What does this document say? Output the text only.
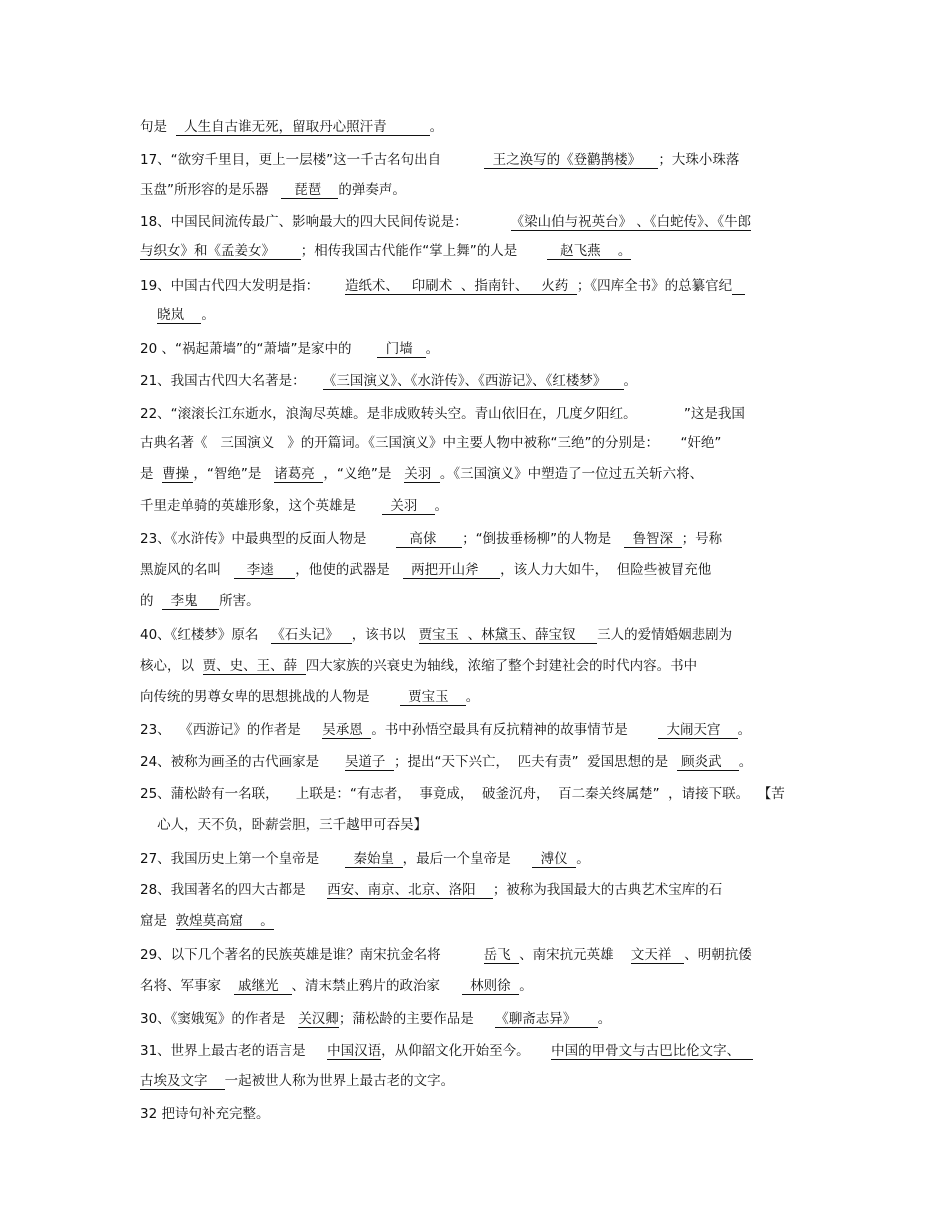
句是    人生自古谁无死，留取丹心照汗青          。
17、“欲穷千里目，更上一层楼”这一千古名句出自            王之涣写的《登鹳鹊楼》    ；大珠小珠落
玉盘”所形容的是乐器      琵琶    的弹奏声。
18、中国民间流传最广、影响最大的四大民间传说是：          《梁山伯与祝英台》 、《白蛇传》、《牛郎
与织女》和《孟姜女》      ；相传我国古代能作“掌上舞”的人是          赵飞燕    。
19、中国古代四大发明是指：      造纸术、   印刷术  、指南针、   火药  ；《四库全书》的总纂官纪
晓岚    。
20 、“祸起萧墙”的“萧墙”是家中的        门墙   。
21、我国古代四大名著是：    《三国演义》、《水浒传》、《西游记》、《红楼梦》    。
22、“滚滚长江东逝水，浪淘尽英雄。是非成败转头空。青山依旧在，几度夕阳红。           ”这是我国
古典名著《   三国演义   》的开篇词。《三国演义》中主要人物中被称“三绝”的分别是：     “奸绝”
是  曹操 ，“智绝”是   诸葛亮  ，“义绝”是   关羽  。《三国演义》中塑造了一位过五关斩六将、
千里走单骑的英雄形象，这个英雄是        关羽    。
23、《水浒传》中最典型的反面人物是          高俅      ；“倒拔垂杨柳”的人物是     鲁智深  ；号称
黑旋风的名叫      李逵     ，他使的武器是     两把开山斧     ，该人力大如牛，  但险些被冒充他
的    李鬼     所害。
40、《红楼梦》原名   《石头记》   ，该书以   贾宝玉  、林黛玉、薛宝钗     三人的爱情婚姻悲剧为
核心，以  贾、史、王、薛  四大家族的兴衰史为轴线，浓缩了整个封建社会的时代内容。书中
向传统的男尊女卑的思想挑战的人物是         贾宝玉    。
23、  《西游记》的作者是     吴承恩  。书中孙悟空最具有反抗精神的故事情节是         大闹天宫    。
24、被称为画圣的古代画家是      吴道子  ；提出“天下兴亡，  匹夫有责”  爱国思想的是   顾炎武    。
25、蒲松龄有一名联，    上联是：“有志者，  事竟成，  破釜沉舟，  百二秦关终属楚”  ，请接下联。  【苦
心人，天不负，卧薪尝胆，三千越甲可吞吴】
27、我国历史上第一个皇帝是        秦始皇  ，最后一个皇帝是       溥仪  。
28、我国著名的四大古都是     西安、南京、北京、洛阳    ；被称为我国最大的古典艺术宝库的石
窟是  敦煌莫高窟    。
29、以下几个著名的民族英雄是谁？南宋抗金名将          岳飞  、南宋抗元英雄    文天祥   、明朝抗倭
名将、军事家    戚继光   、清末禁止鸦片的政治家       林则徐  。
30、《窦娥冤》的作者是   关汉卿；蒲松龄的主要作品是     《聊斋志异》     。
31、世界上最古老的语言是     中国汉语，从仰韶文化开始至今。     中国的甲骨文与古巴比伦文字、
古埃及文字    一起被世人称为世界上最古老的文字。
32 把诗句补充完整。
